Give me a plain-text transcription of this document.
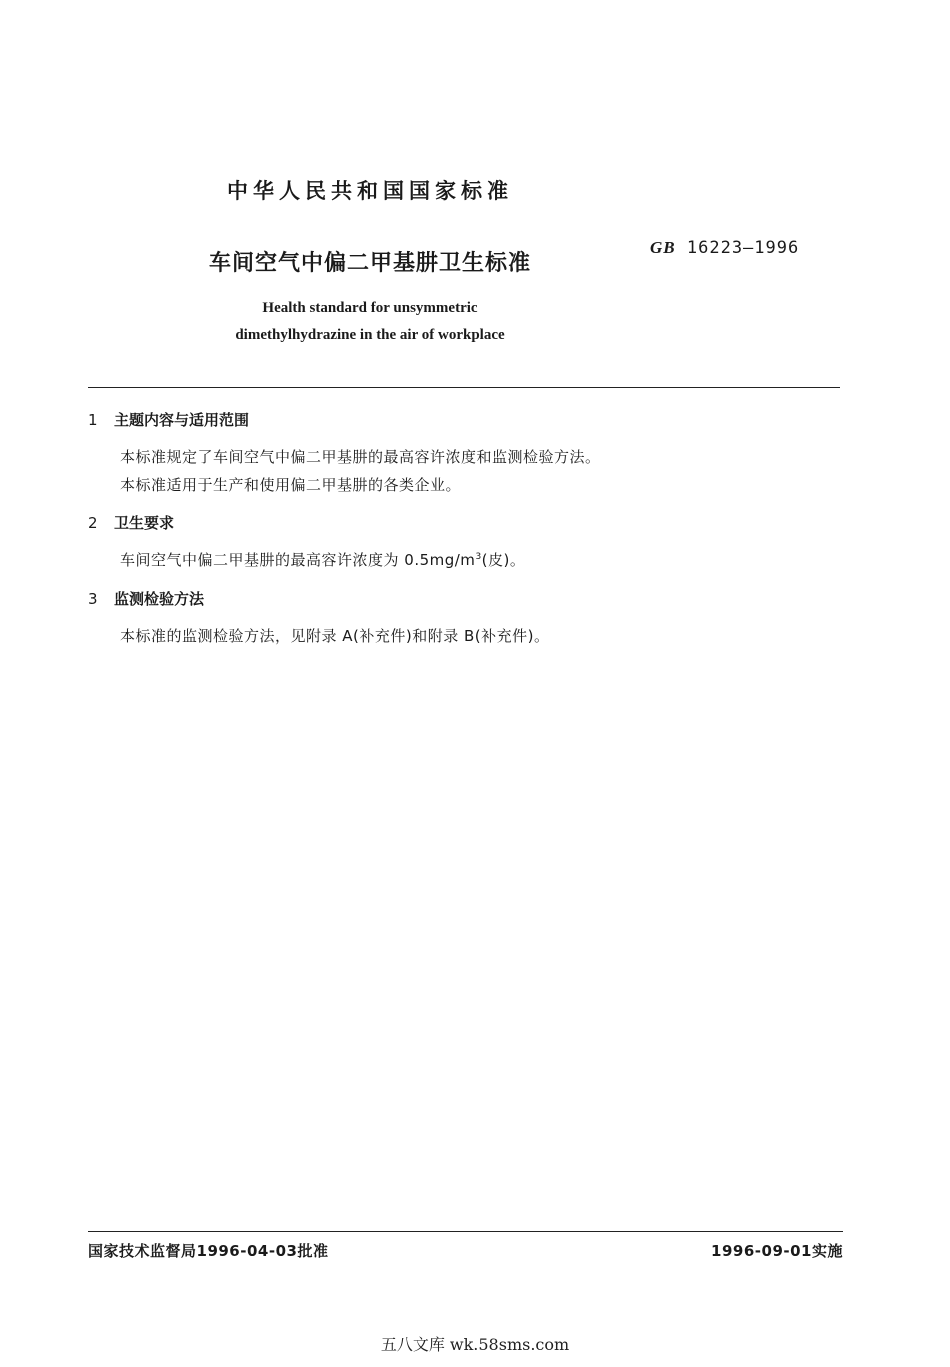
中华人民共和国国家标准
车间空气中偏二甲基肼卫生标准
GB 16223—1996
Health standard for unsymmetric
dimethylhydrazine in the air of workplace
1 主题内容与适用范围
本标准规定了车间空气中偏二甲基肼的最高容许浓度和监测检验方法。
本标准适用于生产和使用偏二甲基肼的各类企业。
2 卫生要求
车间空气中偏二甲基肼的最高容许浓度为 $0.5mg/m^3$(皮)。
3 监测检验方法
本标准的监测检验方法，见附录 A(补充件)和附录 B(补充件)。
国家技术监督局1996-04-03批准	1996-09-01实施
五八文库 wk.58sms.com
